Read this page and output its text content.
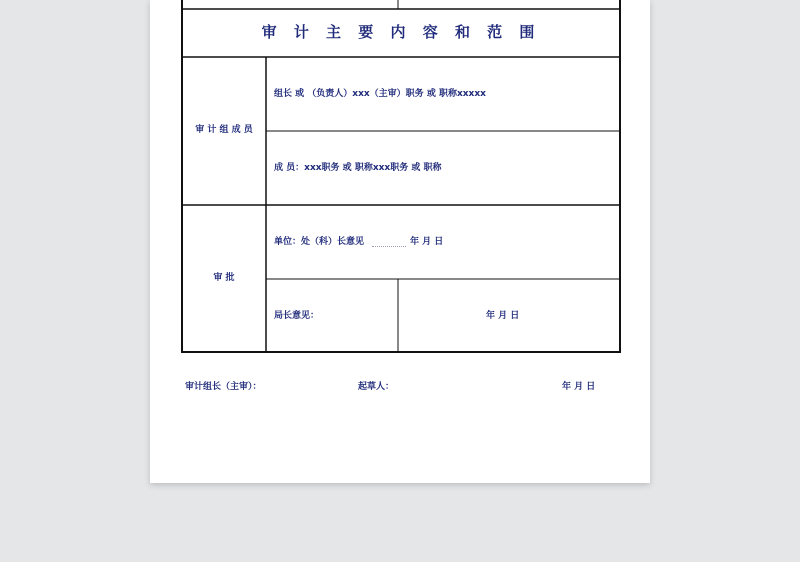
审 计 主 要 内 容 和 范 围
审 计 组 成 员
组长 或 （负责人）xxx（主审）职务 或 职称xxxxx
成 员：xxx职务 或 职称xxx职务 或 职称
审 批
单位：处（科）长意见	年 月 日
局长意见：	年 月 日
审计组长（主审）：	起草人：	年 月 日
